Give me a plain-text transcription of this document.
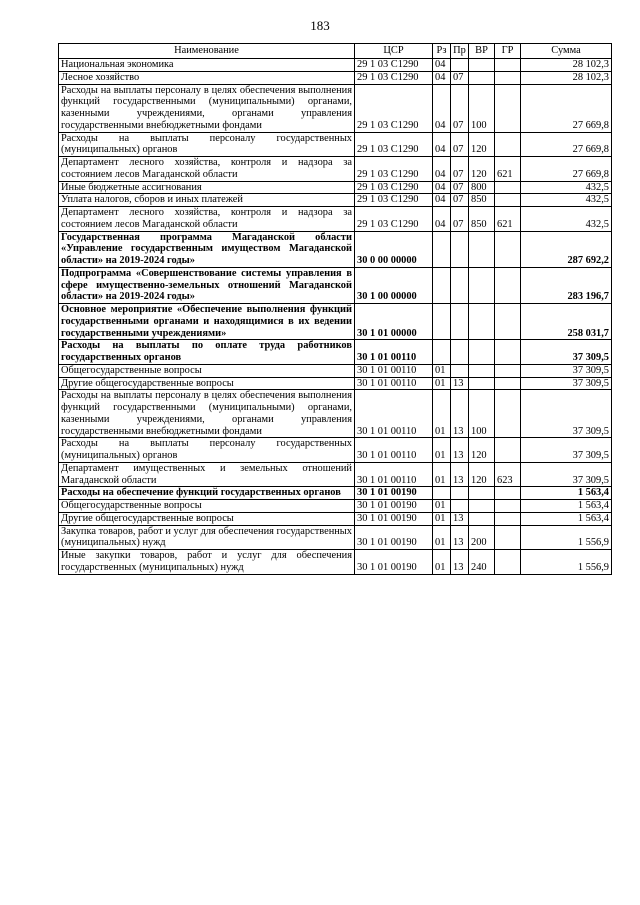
183
Наименование	ЦСР	Рз	Пр	ВР	ГР	Сумма
Национальная экономика	29 1 03 С1290	04				28 102,3
Лесное хозяйство	29 1 03 С1290	04	07			28 102,3
Расходы на выплаты персоналу в целях обеспечения выполнения функций государственными (муниципальными) органами, казенными учреждениями, органами управления государственными внебюджетными фондами	29 1 03 С1290	04	07	100		27 669,8
Расходы на выплаты персоналу государственных (муниципальных) органов	29 1 03 С1290	04	07	120		27 669,8
Департамент лесного хозяйства, контроля и надзора за состоянием лесов Магаданской области	29 1 03 С1290	04	07	120	621	27 669,8
Иные бюджетные ассигнования	29 1 03 С1290	04	07	800		432,5
Уплата налогов, сборов и иных платежей	29 1 03 С1290	04	07	850		432,5
Департамент лесного хозяйства, контроля и надзора за состоянием лесов Магаданской области	29 1 03 С1290	04	07	850	621	432,5
Государственная программа Магаданской области «Управление государственным имуществом Магаданской области» на 2019-2024 годы»	30 0 00 00000					287 692,2
Подпрограмма «Совершенствование системы управления в сфере имущественно-земельных отношений Магаданской области» на 2019-2024 годы»	30 1 00 00000					283 196,7
Основное мероприятие «Обеспечение выполнения функций государственными органами и находящимися в их ведении государственными учреждениями»	30 1 01 00000					258 031,7
Расходы на выплаты по оплате труда работников государственных органов	30 1 01 00110					37 309,5
Общегосударственные вопросы	30 1 01 00110	01				37 309,5
Другие общегосударственные вопросы	30 1 01 00110	01	13			37 309,5
Расходы на выплаты персоналу в целях обеспечения выполнения функций государственными (муниципальными) органами, казенными учреждениями, органами управления государственными внебюджетными фондами	30 1 01 00110	01	13	100		37 309,5
Расходы на выплаты персоналу государственных (муниципальных) органов	30 1 01 00110	01	13	120		37 309,5
Департамент имущественных и земельных отношений Магаданской области	30 1 01 00110	01	13	120	623	37 309,5
Расходы на обеспечение функций государственных органов	30 1 01 00190					1 563,4
Общегосударственные вопросы	30 1 01 00190	01				1 563,4
Другие общегосударственные вопросы	30 1 01 00190	01	13			1 563,4
Закупка товаров, работ и услуг для обеспечения государственных (муниципальных) нужд	30 1 01 00190	01	13	200		1 556,9
Иные закупки товаров, работ и услуг для обеспечения государственных (муниципальных) нужд	30 1 01 00190	01	13	240		1 556,9
